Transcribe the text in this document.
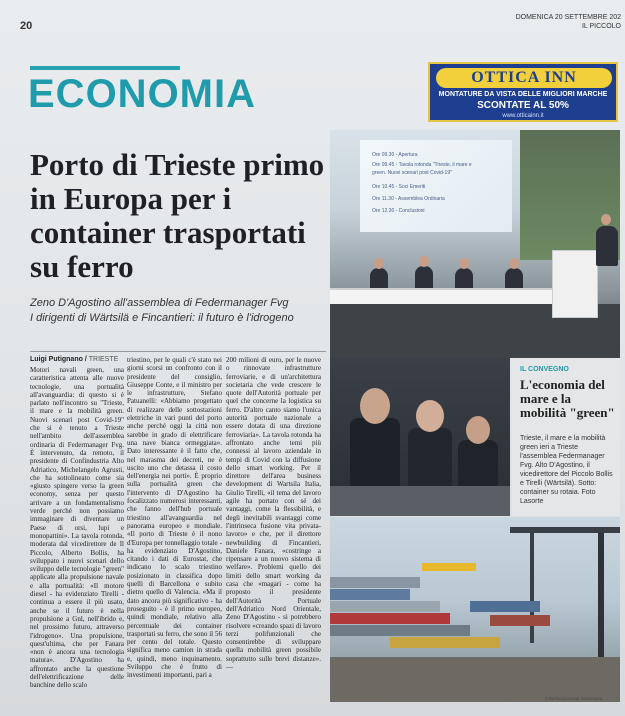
20
DOMENICA 20 SETTEMBRE 202
IL PICCOLO
ECONOMIA	OTTICA INN
MONTATURE DA VISTA DELLE MIGLIORI MARCHE
SCONTATE AL 50%
www.otticainn.it
Porto di Trieste primo in Europa per i container trasportati su ferro
Zeno D'Agostino all'assemblea di Federmanager Fvg
I dirigenti di Wärtsilä e Fincantieri: il futuro è l'idrogeno
Luigi Putignano / TRIESTE
Motori navali green, una caratteristica attenta alle nuove tecnologie, una portualità all'avanguardia: di questo si è parlato nell'incontro su "Trieste, il mare e la mobilità green. Nuovi scenari post Covid-19" che si è tenuto a Trieste nell'ambito dell'assemblea ordinaria di Federmanager Fvg. È intervenuto, da remoto, il presidente di Confindustria Alto Adriatico, Michelangelo Agrusti, che ha sottolineato come sia «giusto spingere verso la green economy, senza per questo arrivare a un fondamentalismo verde perché non possiamo immaginare di diventare un Paese di orsi, lupi e monopattini». La tavola rotonda, moderata dal vicedirettore de Il Piccolo, Alberto Bollis, ha sviluppato i nuovi scenari dello sviluppo delle tecnologie "green" applicate alla propulsione navale e alla portualità: «Il motore diesel - ha evidenziato Tirelli - continua a essere il più usato, anche se il futuro è nella propulsione a Gnl, nell'ibrido e, nel prossimo futuro, attraverso l'idrogeno». Una propulsione, quest'ultima, che per Fanara «non è ancora una tecnologia matura». D'Agostino ha affrontato anche la questione dell'elettrificazione delle banchine dello scalo
triestino, per le quali c'è stato nei giorni scorsi un confronto con il presidente del consiglio, Giuseppe Conte, e il ministro per le infrastrutture, Stefano Patuanelli: «Abbiamo progettato di realizzare delle sottostazioni elettriche in vari punti del porto anche perché oggi la città non sarebbe in grado di elettrificare una nave bianca ormeggiata». Dato interessante è il fatto che, nel marasma dei decreti, ne è uscito uno che detassa il costo dell'energia nei porti». È proprio sulla portualità green che l'intervento di D'Agostino ha focalizzato numerosi interessanti, che fanno dell'hub portuale triestino all'avanguardia nel panorama europeo e mondiale. «Il porto di Trieste è il nono d'Europa per tonnellaggio totale - ha evidenziato D'Agostino, citando i dati di Eurostat, che indicano lo scalo triestino posizionato in classifica dopo quelli di Barcellona e subito dietro quello di Valencia. «Ma il dato ancora più significativo - ha proseguito - è il primo europeo, quindi mondiale, relativo alla percentuale dei container trasportati su ferro, che sono il 56 per cento del totale. Questo significa meno camion in strada e, quindi, meno inquinamento. Sviluppo che è frutto di investimenti importanti, pari a
200 milioni di euro, per le nuove o rinnovate infrastrutture ferroviarie, e di un'architettura societaria che vede crescere le quote dell'Autorità portuale per quel che concerne la logistica su ferro. D'altro canto siamo l'unica autorità portuale nazionale a essere dotata di una direzione ferroviaria». La tavola rotonda ha affrontato anche temi più connessi al lavoro aziendale in tempi di Covid con la diffusione dello smart working. Per il direttore dell'area business development di Wartsila Italia, Giulio Tirelli, «il tema del lavoro agile ha portato con sé dei vantaggi, come la flessibilità, e degli inevitabili svantaggi come l'intrinseca fusione vita privata-lavoro» e che, per il direttore newbuilding di Fincantieri, Daniele Fanara, «costringe a ripensare a un nuovo sistema di welfare». Problemi quello dei limiti dello smart working da casa che «magari - come ha proposto il presidente dell'Autorità Portuale dell'Adriatico Nord Orientale, Zeno D'Agostino - si potrebbero risolvere «creando spazi di lavoro terzi polifunzionali che consentirebbe di sviluppare quella mobilità green possibile soprattutto sulle brevi distanze». —
Ore 09.30 - Apertura
Ore 09.45 - Tavola rotonda "Trieste, il mare e
green. Nuovi scenari post Covid-19"
Ore 10.45 - Soci Emeriti
Ore 11.30 - Assemblea Ordinaria
Ore 12.30 - Conclusioni
IL CONVEGNO
L'economia del mare e la mobilità "green"
Trieste, il mare e la mobilità green ieri a Trieste l'assemblea Federmanager Fvg. Alto D'Agostino, il vicedirettore del Piccolo Bollis e Tirelli (Wärtsilä). Sotto: container su rotaia. Foto Lasorte
© RIPRODUZIONE RISERVATA
